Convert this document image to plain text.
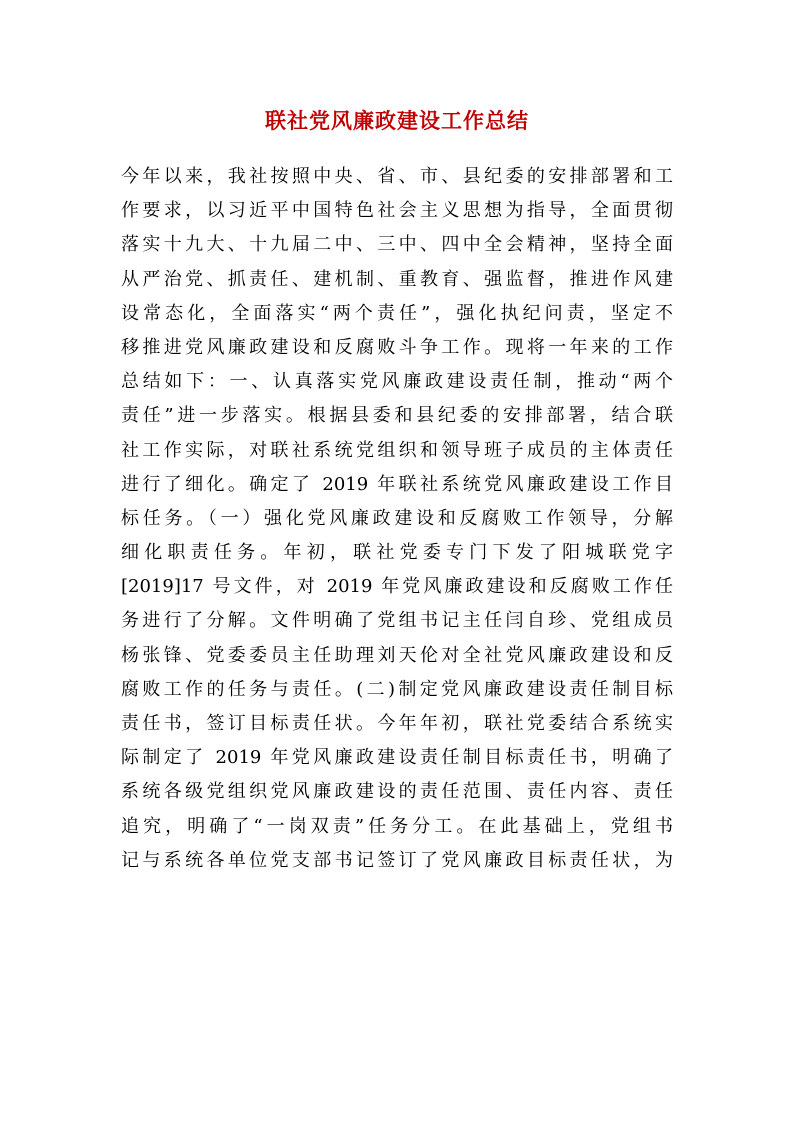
联社党风廉政建设工作总结
今年以来，我社按照中央、省、市、县纪委的安排部署和工
作要求，以习近平中国特色社会主义思想为指导，全面贯彻
落实十九大、十九届二中、三中、四中全会精神，坚持全面
从严治党、抓责任、建机制、重教育、强监督，推进作风建
设常态化，全面落实“两个责任”，强化执纪问责，坚定不
移推进党风廉政建设和反腐败斗争工作。现将一年来的工作
总结如下：一、认真落实党风廉政建设责任制，推动“两个
责任”进一步落实。根据县委和县纪委的安排部署，结合联
社工作实际，对联社系统党组织和领导班子成员的主体责任
进行了细化。确定了 2019 年联社系统党风廉政建设工作目
标任务。（一）强化党风廉政建设和反腐败工作领导，分解
细化职责任务。年初，联社党委专门下发了阳城联党字
[2019]17 号文件，对 2019 年党风廉政建设和反腐败工作任
务进行了分解。文件明确了党组书记主任闫自珍、党组成员
杨张锋、党委委员主任助理刘天伦对全社党风廉政建设和反
腐败工作的任务与责任。(二)制定党风廉政建设责任制目标
责任书，签订目标责任状。今年年初，联社党委结合系统实
际制定了 2019 年党风廉政建设责任制目标责任书，明确了
系统各级党组织党风廉政建设的责任范围、责任内容、责任
追究，明确了“一岗双责”任务分工。在此基础上，党组书
记与系统各单位党支部书记签订了党风廉政目标责任状，为
